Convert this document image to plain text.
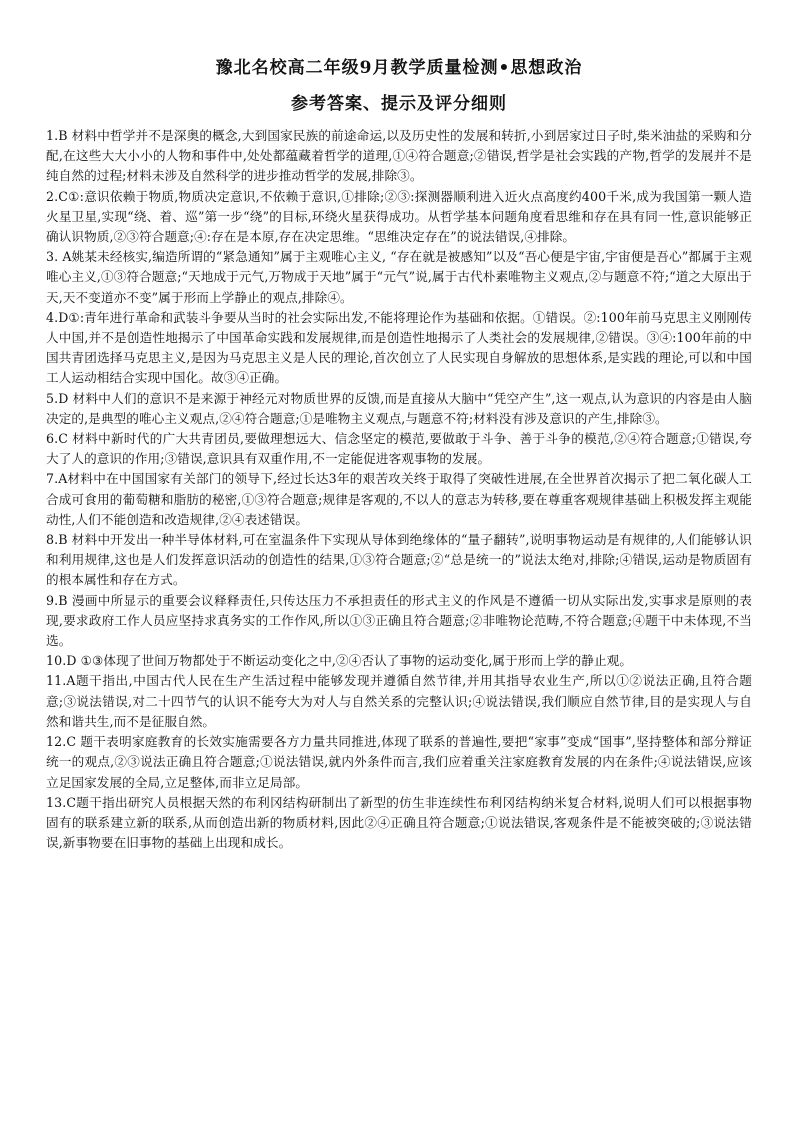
豫北名校高二年级9月教学质量检测•思想政治
参考答案、提示及评分细则

1.B 材料中哲学并不是深奥的概念,大到国家民族的前途命运,以及历史性的发展和转折,小到居家过日子时,柴米油盐的采购和分配,在这些大大小小的人物和事件中,处处都蕴藏着哲学的道理,①④符合题意;②错误,哲学是社会实践的产物,哲学的发展并不是纯自然的过程;材料未涉及自然科学的进步推动哲学的发展,排除③。

2.C①:意识依赖于物质,物质决定意识,不依赖于意识,①排除;②③:探测器顺利进入近火点高度约400千米,成为我国第一颗人造火星卫星,实现“绕、着、巡”第一步“绕”的目标,环绕火星获得成功。从哲学基本问题角度看思维和存在具有同一性,意识能够正确认识物质,②③符合题意;④:存在是本原,存在决定思维。“思维决定存在”的说法错误,④排除。

3. A姚某未经核实,编造所谓的“紧急通知”属于主观唯心主义, “存在就是被感知”以及“吾心便是宇宙,宇宙便是吾心”都属于主观唯心主义,①③符合题意;“天地成于元气,万物成于天地”属于“元气”说,属于古代朴素唯物主义观点,②与题意不符;“道之大原出于天,天不变道亦不变”属于形而上学静止的观点,排除④。

4.D①:青年进行革命和武装斗争要从当时的社会实际出发,不能将理论作为基础和依据。①错误。②:100年前马克思主义刚刚传人中国,并不是创造性地揭示了中国革命实践和发展规律,而是创造性地揭示了人类社会的发展规律,②错误。③④:100年前的中国共青团选择马克思主义,是因为马克思主义是人民的理论,首次创立了人民实现自身解放的思想体系,是实践的理论,可以和中国工人运动相结合实现中国化。故③④正确。

5.D 材料中人们的意识不是来源于神经元对物质世界的反馈,而是直接从大脑中“凭空产生”,这一观点,认为意识的内容是由人脑决定的,是典型的唯心主义观点,②④符合题意;①是唯物主义观点,与题意不符;材料没有涉及意识的产生,排除③。

6.C 材料中新时代的广大共青团员,要做理想远大、信念坚定的模范,要做敢于斗争、善于斗争的模范,②④符合题意;①错误,夸大了人的意识的作用;③错误,意识具有双重作用,不一定能促进客观事物的发展。

7.A材料中在中国国家有关部门的领导下,经过长达3年的艰苦攻关终于取得了突破性进展,在全世界首次揭示了把二氧化碳人工合成可食用的葡萄糖和脂肪的秘密,①③符合题意;规律是客观的,不以人的意志为转移,要在尊重客观规律基础上积极发挥主观能动性,人们不能创造和改造规律,②④表述错误。

8.B 材料中开发出一种半导体材料,可在室温条件下实现从导体到绝缘体的“量子翻转”,说明事物运动是有规律的,人们能够认识和利用规律,这也是人们发挥意识活动的创造性的结果,①③符合题意;②“总是统一的”说法太绝对,排除;④错误,运动是物质固有的根本属性和存在方式。

9.B 漫画中所显示的重要会议释释责任,只传达压力不承担责任的形式主义的作风是不遵循一切从实际出发,实事求是原则的表现,要求政府工作人员应坚持求真务实的工作作风,所以①③正确且符合题意;②非唯物论范畴,不符合题意;④题干中未体现,不当选。

10.D ①③体现了世间万物都处于不断运动变化之中,②④否认了事物的运动变化,属于形而上学的静止观。

11.A题干指出,中国古代人民在生产生活过程中能够发现并遵循自然节律,并用其指导农业生产,所以①②说法正确,且符合题意;③说法错误,对二十四节气的认识不能夸大为对人与自然关系的完整认识;④说法错误,我们顺应自然节律,目的是实现人与自然和谐共生,而不是征服自然。

12.C 题干表明家庭教育的长效实施需要各方力量共同推进,体现了联系的普遍性,要把“家事”变成“国事”,坚持整体和部分辩证统一的观点,②③说法正确且符合题意;①说法错误,就内外条件而言,我们应着重关注家庭教育发展的内在条件;④说法错误,应该立足国家发展的全局,立足整体,而非立足局部。

13.C题干指出研究人员根据天然的布利冈结构研制出了新型的仿生非连续性布利冈结构纳米复合材料,说明人们可以根据事物固有的联系建立新的联系,从而创造出新的物质材料,因此②④正确且符合题意;①说法错误,客观条件是不能被突破的;③说法错误,新事物要在旧事物的基础上出现和成长。
